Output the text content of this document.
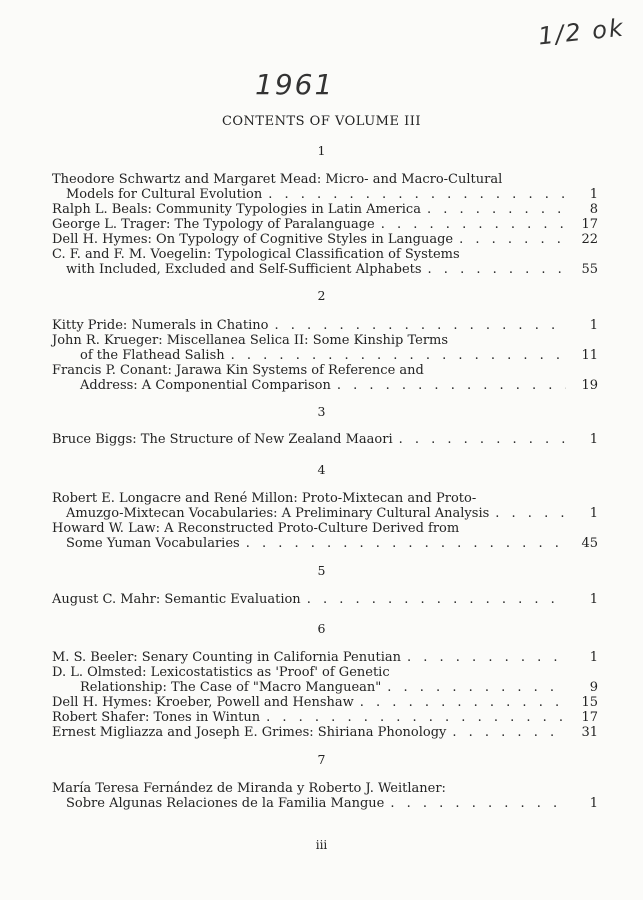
1/2 ok
1961
CONTENTS OF VOLUME III
1
Theodore Schwartz and Margaret Mead: Micro- and Macro-Cultural
Models for Cultural Evolution . . .	1
Ralph L. Beals: Community Typologies in Latin America . . .	8
George L. Trager: The Typology of Paralanguage . . .	17
Dell H. Hymes: On Typology of Cognitive Styles in Language . . .	22
C. F. and F. M. Voegelin: Typological Classification of Systems
with Included, Excluded and Self-Sufficient Alphabets . . .	55
2
Kitty Pride: Numerals in Chatino . . .	1
John R. Krueger: Miscellanea Selica II: Some Kinship Terms
of the Flathead Salish . . .	11
Francis P. Conant: Jarawa Kin Systems of Reference and
Address: A Componential Comparison . . .	19
3
Bruce Biggs: The Structure of New Zealand Maaori . . .	1
4
Robert E. Longacre and René Millon: Proto-Mixtecan and Proto-
Amuzgo-Mixtecan Vocabularies: A Preliminary Cultural Analysis . . .	1
Howard W. Law: A Reconstructed Proto-Culture Derived from
Some Yuman Vocabularies . . .	45
5
August C. Mahr: Semantic Evaluation . . .	1
6
M. S. Beeler: Senary Counting in California Penutian . . .	1
D. L. Olmsted: Lexicostatistics as 'Proof' of Genetic
Relationship: The Case of "Macro Manguean" . . .	9
Dell H. Hymes: Kroeber, Powell and Henshaw . . .	15
Robert Shafer: Tones in Wintun . . .	17
Ernest Migliazza and Joseph E. Grimes: Shiriana Phonology . . .	31
7
María Teresa Fernández de Miranda y Roberto J. Weitlaner:
Sobre Algunas Relaciones de la Familia Mangue . . .	1
iii
